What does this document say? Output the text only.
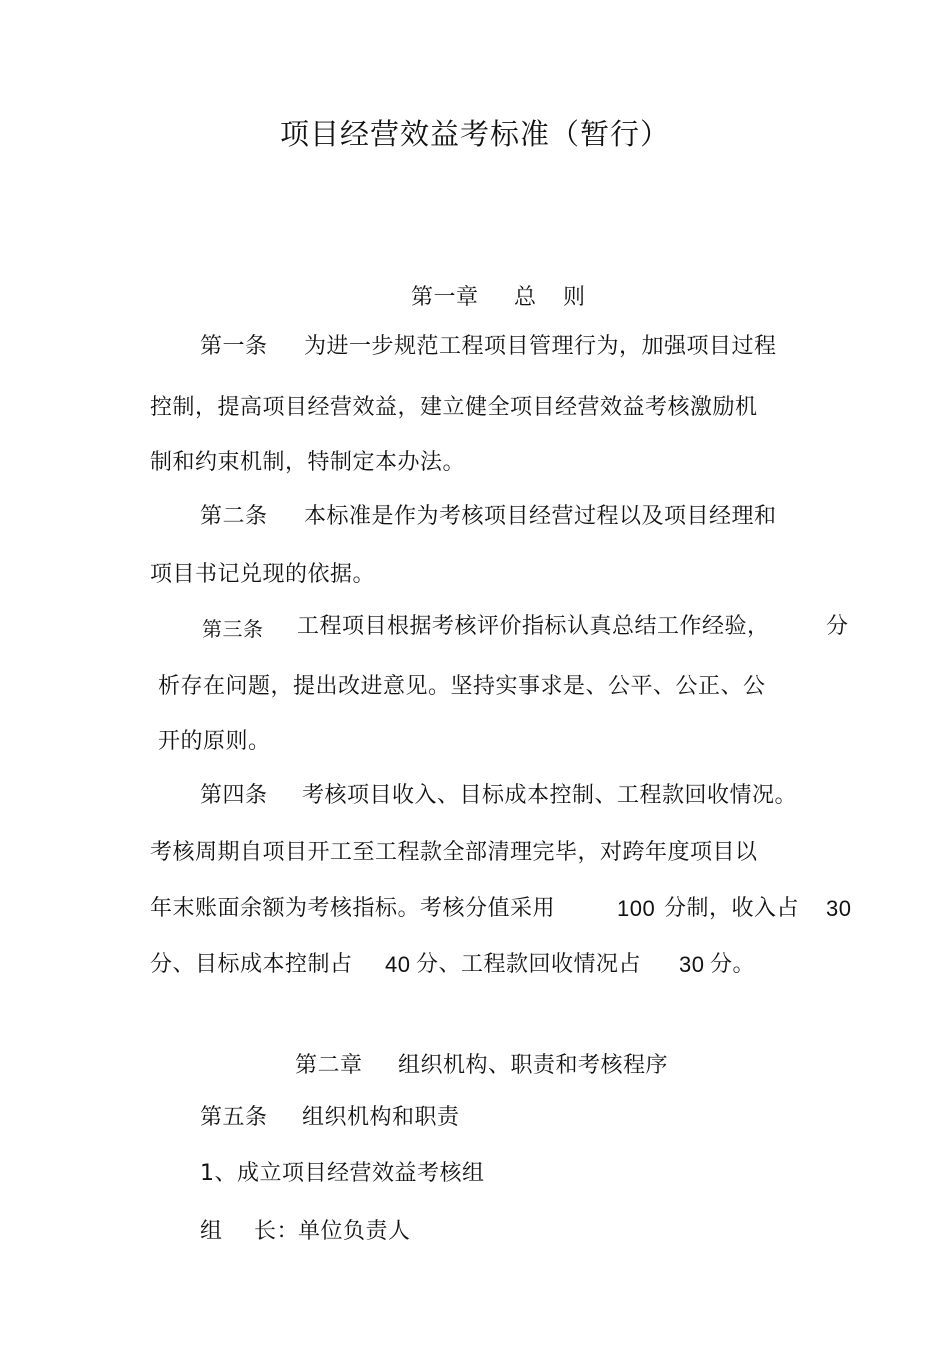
项目经营效益考标准（暂行）
第一章 总 则
第一条 为进一步规范工程项目管理行为，加强项目过程
控制，提高项目经营效益，建立健全项目经营效益考核激励机
制和约束机制，特制定本办法。
第二条 本标准是作为考核项目经营过程以及项目经理和
项目书记兑现的依据。
第三条 工程项目根据考核评价指标认真总结工作经验，	分
析存在问题，提出改进意见。坚持实事求是、公平、公正、公
开的原则。
第四条 考核项目收入、目标成本控制、工程款回收情况。
考核周期自项目开工至工程款全部清理完毕，对跨年度项目以
年末账面余额为考核指标。考核分值采用	100 分制，收入占 30
分、目标成本控制占 40 分、工程款回收情况占 30 分。
第二章 组织机构、职责和考核程序
第五条 组织机构和职责
1、成立项目经营效益考核组
组 长：
单位负责人
